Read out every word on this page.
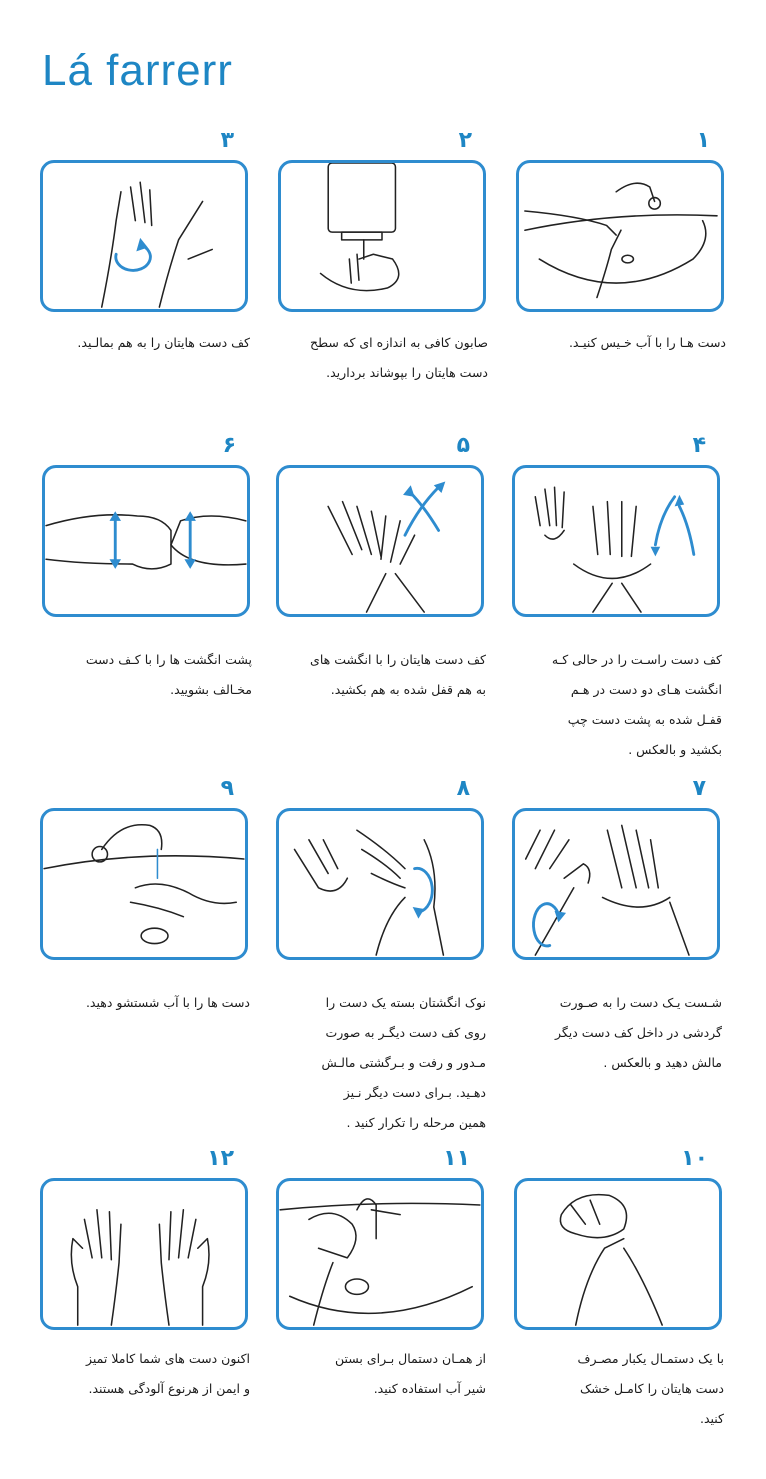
Lá farrerr
۱
دست هـا را با آب خـیس کنیـد.
۲
صابون کافی به اندازه ای که سطح
دست هایتان را بپوشاند بردارید.
۳
کف دست هایتان را به هم بمالـید.
۴
کف دست راسـت را در حالی کـه
انگشت هـای دو دست در هـم
قفـل شده به پشت دست چپ
بکشید و بالعکس .
۵
کف دست هایتان را با انگشت های
به هم قفل شده به هم بکشید.
۶
پشت انگشت ها را با کـف دست
مخـالف بشویید.
۷
شـست یـک دست را به صـورت
گردشی در داخل کف دست دیگر
مالش دهید و بالعکس .
۸
نوک انگشتان بسته یک دست را
روی کف دست دیگـر به صورت
مـدور و رفت و بـرگشتی مالـش
دهـید. بـرای دست دیگر نـیز
همین مرحله را تکرار کنید .
۹
دست ها را با آب شستشو دهید.
۱۰
با یک دستمـال یکبار مصـرف
دست هایتان را کامـل خشک
کنید.
۱۱
از همـان دستمال بـرای بستن
شیر آب استفاده کنید.
۱۲
اکنون دست های شما کاملا تمیز
و ایمن از هرنوع آلودگی هستند.
